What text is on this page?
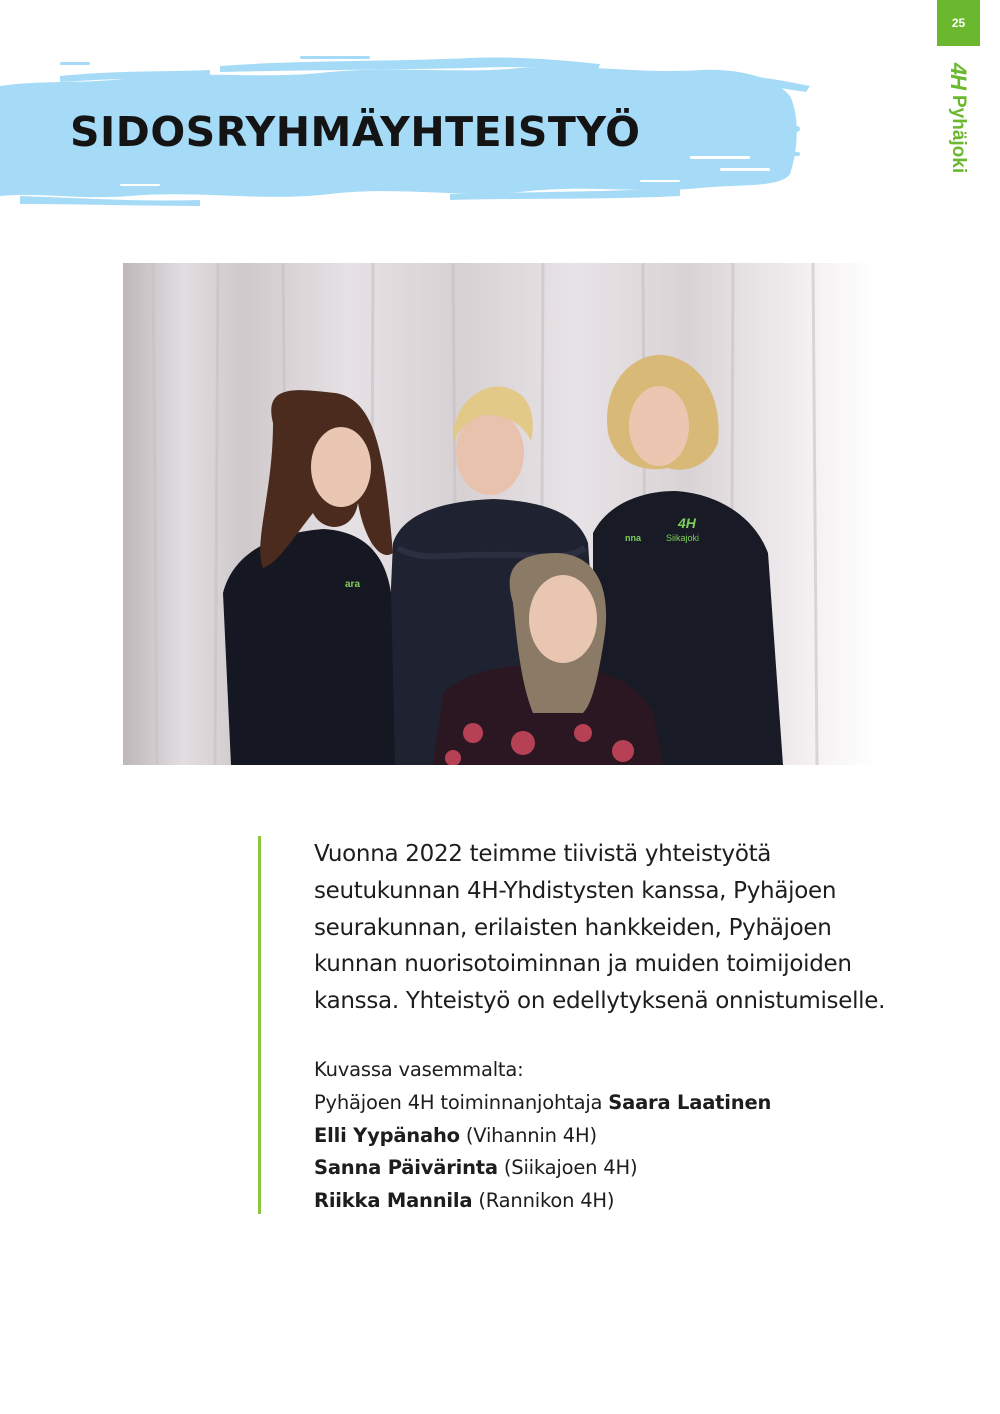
25
4H
Pyhäjoki
SIDOSRYHMÄYHTEISTYÖ
ara
nna
4H
Siikajoki

Vuonna 2022 teimme tiivistä yhteistyötä seutukunnan 4H-Yhdistysten kanssa, Pyhäjoen seurakunnan, erilaisten hankkeiden, Pyhäjoen kunnan nuorisotoiminnan ja muiden toimijoiden kanssa. Yhteistyö on edellytyksenä onnistumiselle.

Kuvassa vasemmalta:
Pyhäjoen 4H toiminnanjohtaja Saara Laatinen
Elli Yypänaho (Vihannin 4H)
Sanna Päivärinta (Siikajoen 4H)
Riikka Mannila (Rannikon 4H)
